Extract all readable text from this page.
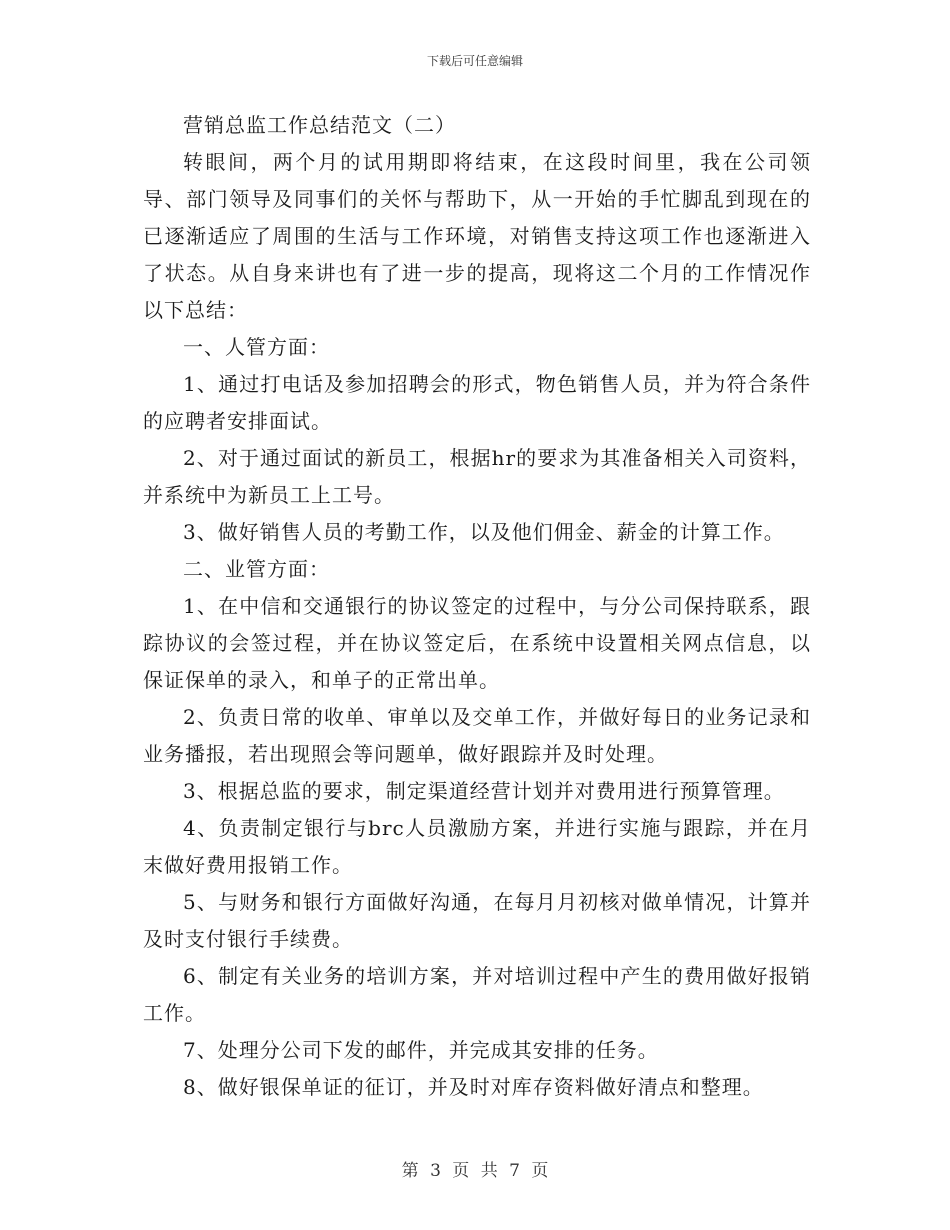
下载后可任意编辑

营销总监工作总结范文（二）

转眼间，两个月的试用期即将结束，在这段时间里，我在公司领导、部门领导及同事们的关怀与帮助下，从一开始的手忙脚乱到现在的已逐渐适应了周围的生活与工作环境，对销售支持这项工作也逐渐进入了状态。从自身来讲也有了进一步的提高，现将这二个月的工作情况作以下总结：

一、人管方面：

1、通过打电话及参加招聘会的形式，物色销售人员，并为符合条件的应聘者安排面试。

2、对于通过面试的新员工，根据hr的要求为其准备相关入司资料，并系统中为新员工上工号。

3、做好销售人员的考勤工作，以及他们佣金、薪金的计算工作。

二、业管方面：

1、在中信和交通银行的协议签定的过程中，与分公司保持联系，跟踪协议的会签过程，并在协议签定后，在系统中设置相关网点信息，以保证保单的录入，和单子的正常出单。

2、负责日常的收单、审单以及交单工作，并做好每日的业务记录和业务播报，若出现照会等问题单，做好跟踪并及时处理。

3、根据总监的要求，制定渠道经营计划并对费用进行预算管理。

4、负责制定银行与brc人员激励方案，并进行实施与跟踪，并在月末做好费用报销工作。

5、与财务和银行方面做好沟通，在每月月初核对做单情况，计算并及时支付银行手续费。

6、制定有关业务的培训方案，并对培训过程中产生的费用做好报销工作。

7、处理分公司下发的邮件，并完成其安排的任务。

8、做好银保单证的征订，并及时对库存资料做好清点和整理。

第 3 页 共 7 页
